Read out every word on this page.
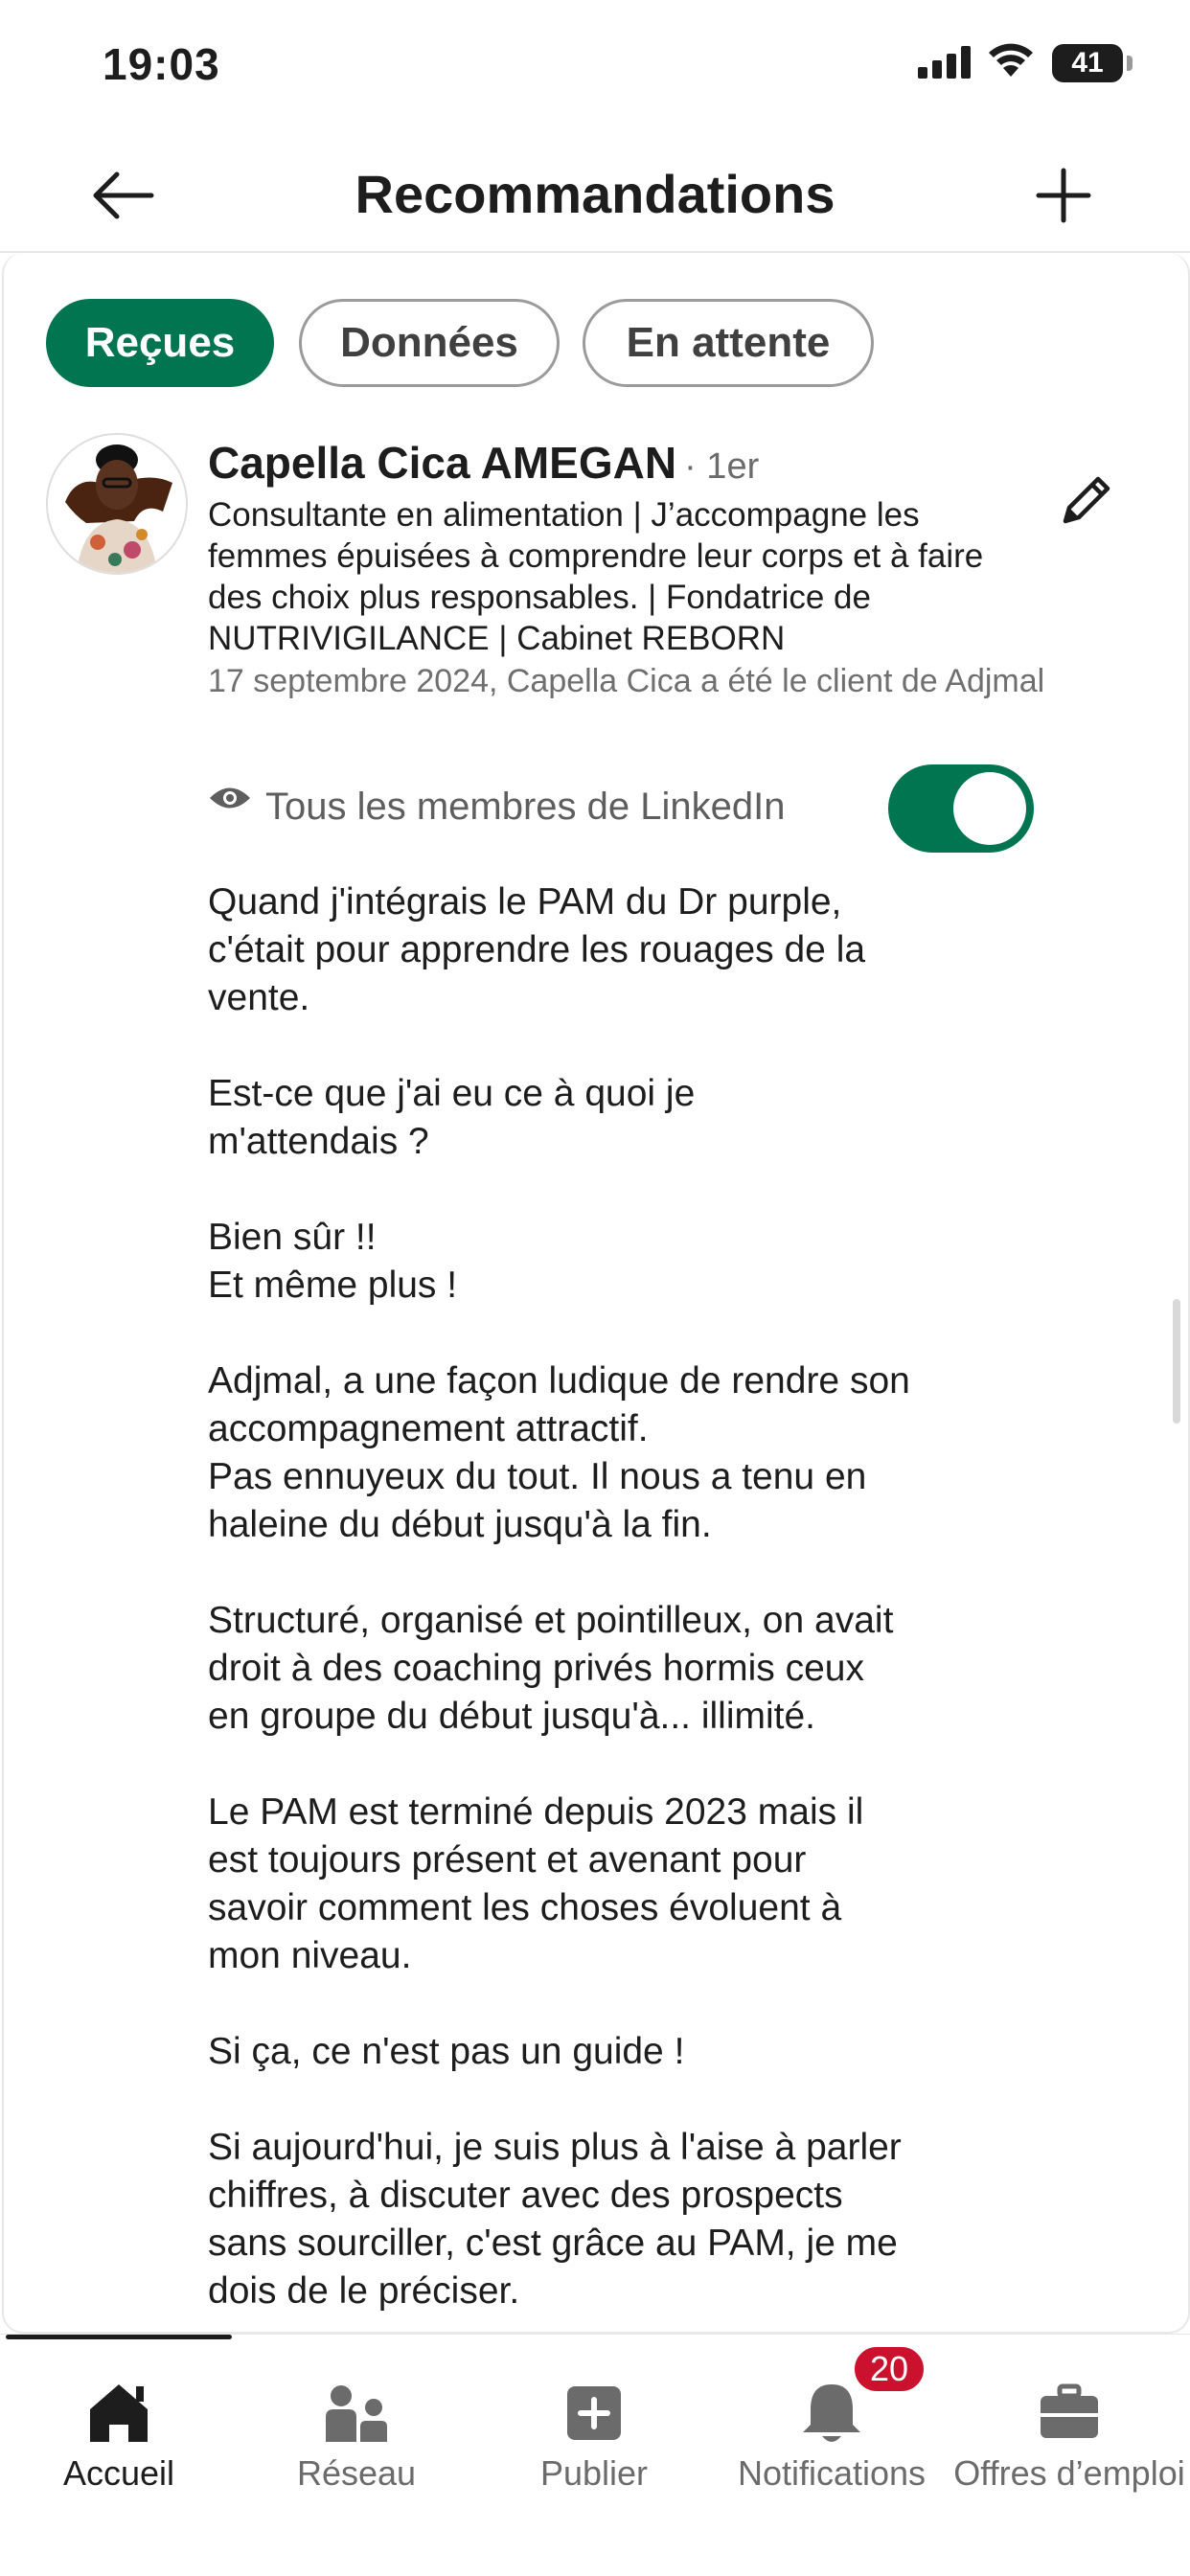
19:03	41
Recommandations
Reçues	Données	En attente
Capella Cica AMEGAN · 1er
Consultante en alimentation | J’accompagne les femmes épuisées à comprendre leur corps et à faire des choix plus responsables. | Fondatrice de NUTRIVIGILANCE | Cabinet REBORN
17 septembre 2024, Capella Cica a été le client de Adjmal
Tous les membres de LinkedIn

Quand j'intégrais le PAM du Dr purple,
c'était pour apprendre les rouages de la
vente.

Est-ce que j'ai eu ce à quoi je
m'attendais ?

Bien sûr !!
Et même plus !

Adjmal, a une façon ludique de rendre son
accompagnement attractif.
Pas ennuyeux du tout. Il nous a tenu en
haleine du début jusqu'à la fin.

Structuré, organisé et pointilleux, on avait
droit à des coaching privés hormis ceux
en groupe du début jusqu'à... illimité.

Le PAM est terminé depuis 2023 mais il
est toujours présent et avenant pour
savoir comment les choses évoluent à
mon niveau.

Si ça, ce n'est pas un guide !

Si aujourd'hui, je suis plus à l'aise à parler
chiffres, à discuter avec des prospects
sans sourciller, c'est grâce au PAM, je me
dois de le préciser.

Accueil	Réseau	Publier	Notifications Offres d’emploi
20
